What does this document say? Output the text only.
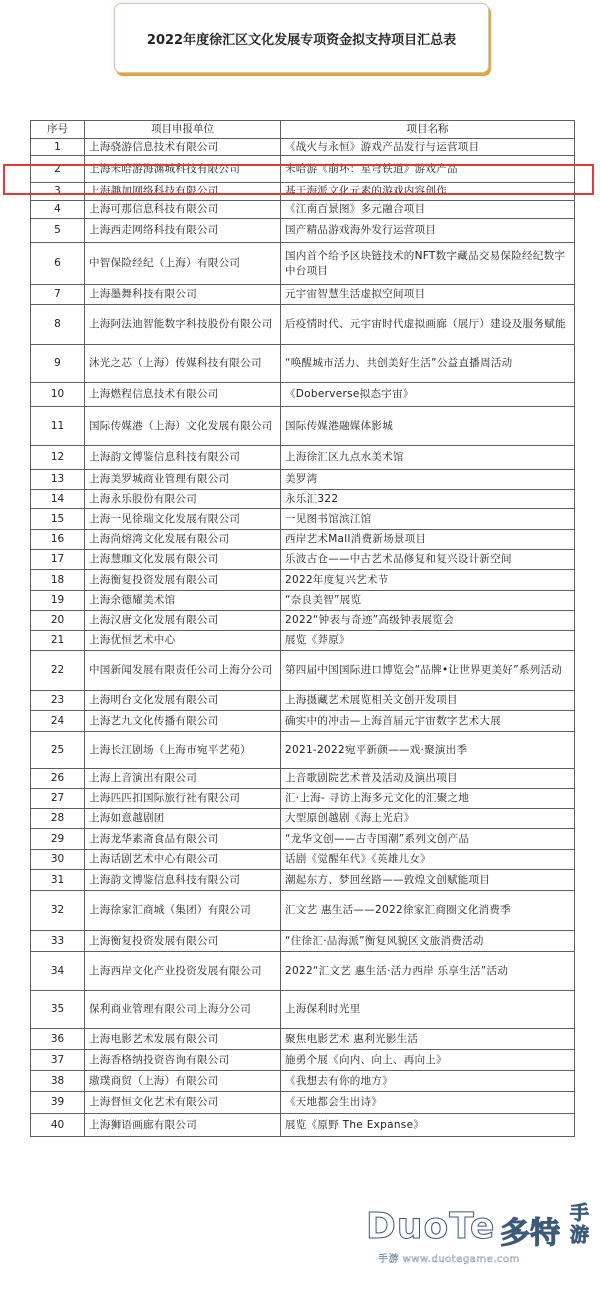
2022年度徐汇区文化发展专项资金拟支持项目汇总表
序号	项目申报单位	项目名称
1	上海骁游信息技术有限公司	《战火与永恒》游戏产品发行与运营项目
2	上海米哈游海渊城科技有限公司	米哈游《崩坏：星穹铁道》游戏产品
3	上海趣加网络科技有限公司	基于海派文化元素的游戏内容创作
4	上海可那信息科技有限公司	《江南百景图》多元融合项目
5	上海西走网络科技有限公司	国产精品游戏海外发行运营项目
6	中智保险经纪（上海）有限公司	国内首个给予区块链技术的NFT数字藏品交易保险经纪数字中台项目
7	上海墨舞科技有限公司	元宇宙智慧生活虚拟空间项目
8	上海阿法迪智能数字科技股份有限公司	后疫情时代、元宇宙时代虚拟画廊（展厅）建设及服务赋能
9	沐光之芯（上海）传媒科技有限公司	“唤醒城市活力、共创美好生活”公益直播周活动
10	上海燃程信息技术有限公司	《Doberverse拟态宇宙》
11	国际传媒港（上海）文化发展有限公司	国际传媒港融媒体影城
12	上海韵文博鉴信息科技有限公司	上海徐汇区九点水美术馆
13	上海美罗城商业管理有限公司	美罗湾
14	上海永乐股份有限公司	永乐汇322
15	上海一见徐瑞文化发展有限公司	一见图书馆滨江馆
16	上海尚熔湾文化发展有限公司	西岸艺术Mall消费新场景项目
17	上海慧咖文化发展有限公司	乐波古仓——中古艺术品修复和复兴设计新空间
18	上海衡复投资发展有限公司	2022年度复兴艺术节
19	上海余德耀美术馆	“奈良美智”展览
20	上海汉唐文化发展有限公司	2022“钟表与奇迹”高级钟表展览会
21	上海优恒艺术中心	展览《莽原》
22	中国新闻发展有限责任公司上海分公司	第四届中国国际进口博览会“品牌•让世界更美好”系列活动
23	上海明台文化发展有限公司	上海摄藏艺术展览相关文创开发项目
24	上海艺九文化传播有限公司	确实中的冲击—上海首届元宇宙数字艺术大展
25	上海长江剧场（上海市宛平艺苑）	2021-2022宛平新颜——戏·聚演出季
26	上海上音演出有限公司	上音歌剧院艺术普及活动及演出项目
27	上海匹匹扣国际旅行社有限公司	汇·上海- 寻访上海多元文化的汇聚之地
28	上海如意越剧团	大型原创越剧《海上光启》
29	上海龙华素斋食品有限公司	“龙华文创——古寺国潮”系列文创产品
30	上海话剧艺术中心有限公司	话剧《觉醒年代》《英雄儿女》
31	上海韵文博鉴信息科技有限公司	潮起东方、梦回丝路——敦煌文创赋能项目
32	上海徐家汇商城（集团）有限公司	汇文艺 惠生活——2022徐家汇商圈文化消费季
33	上海衡复投资发展有限公司	“住徐汇·品海派”衡复风貌区文旅消费活动
34	上海西岸文化产业投资发展有限公司	2022“汇文艺 惠生活·活力西岸 乐享生活”活动
35	保利商业管理有限公司上海分公司	上海保利时光里
36	上海电影艺术发展有限公司	聚焦电影艺术 惠利光影生活
37	上海香格纳投资咨询有限公司	施勇个展《向内、向上、再向上》
38	璈璞商贸（上海）有限公司	《我想去有你的地方》
39	上海督恒文化艺术有限公司	《天地都会生出诗》
40	上海狮语画廊有限公司	展览《原野 The Expanse》
DuoTe 多特
手游
手游 www.duotegame.com
